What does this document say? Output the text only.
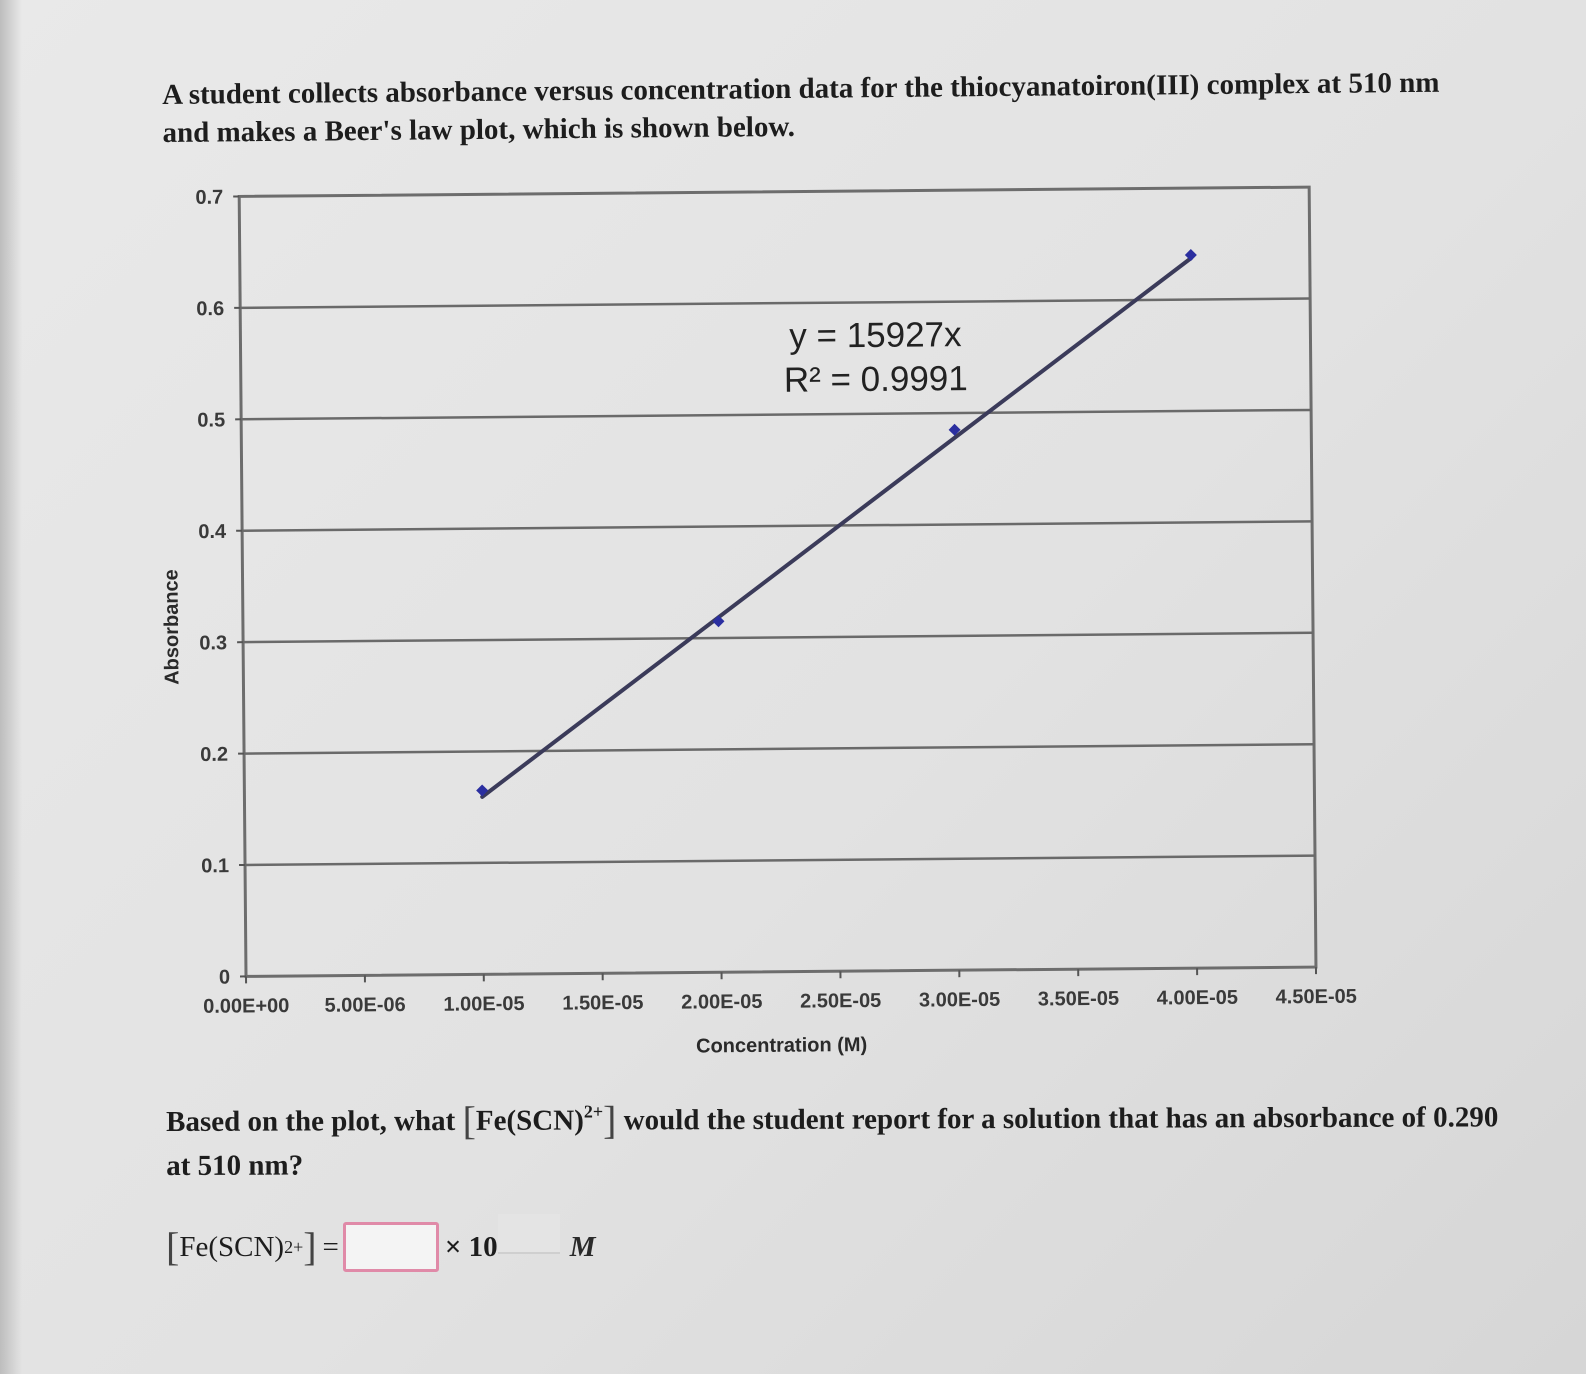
A student collects absorbance versus concentration data for the thiocyanatoiron(III) complex at 510 nm and makes a Beer's law plot, which is shown below.

0
0.1
0.2
0.3
0.4
0.5
0.6
0.7
0.00E+00 5.00E-06 1.00E-05 1.50E-05 2.00E-05 2.50E-05 3.00E-05 3.50E-05 4.00E-05 4.50E-05
y = 15927x
R² = 0.9991
Concentration (M)
Absorbance

Based on the plot, what [Fe(SCN)$^{2+}$] would the student report for a solution that has an absorbance of 0.290 at 510 nm?

[ Fe(SCN) 2+ ] =	× 10 M
